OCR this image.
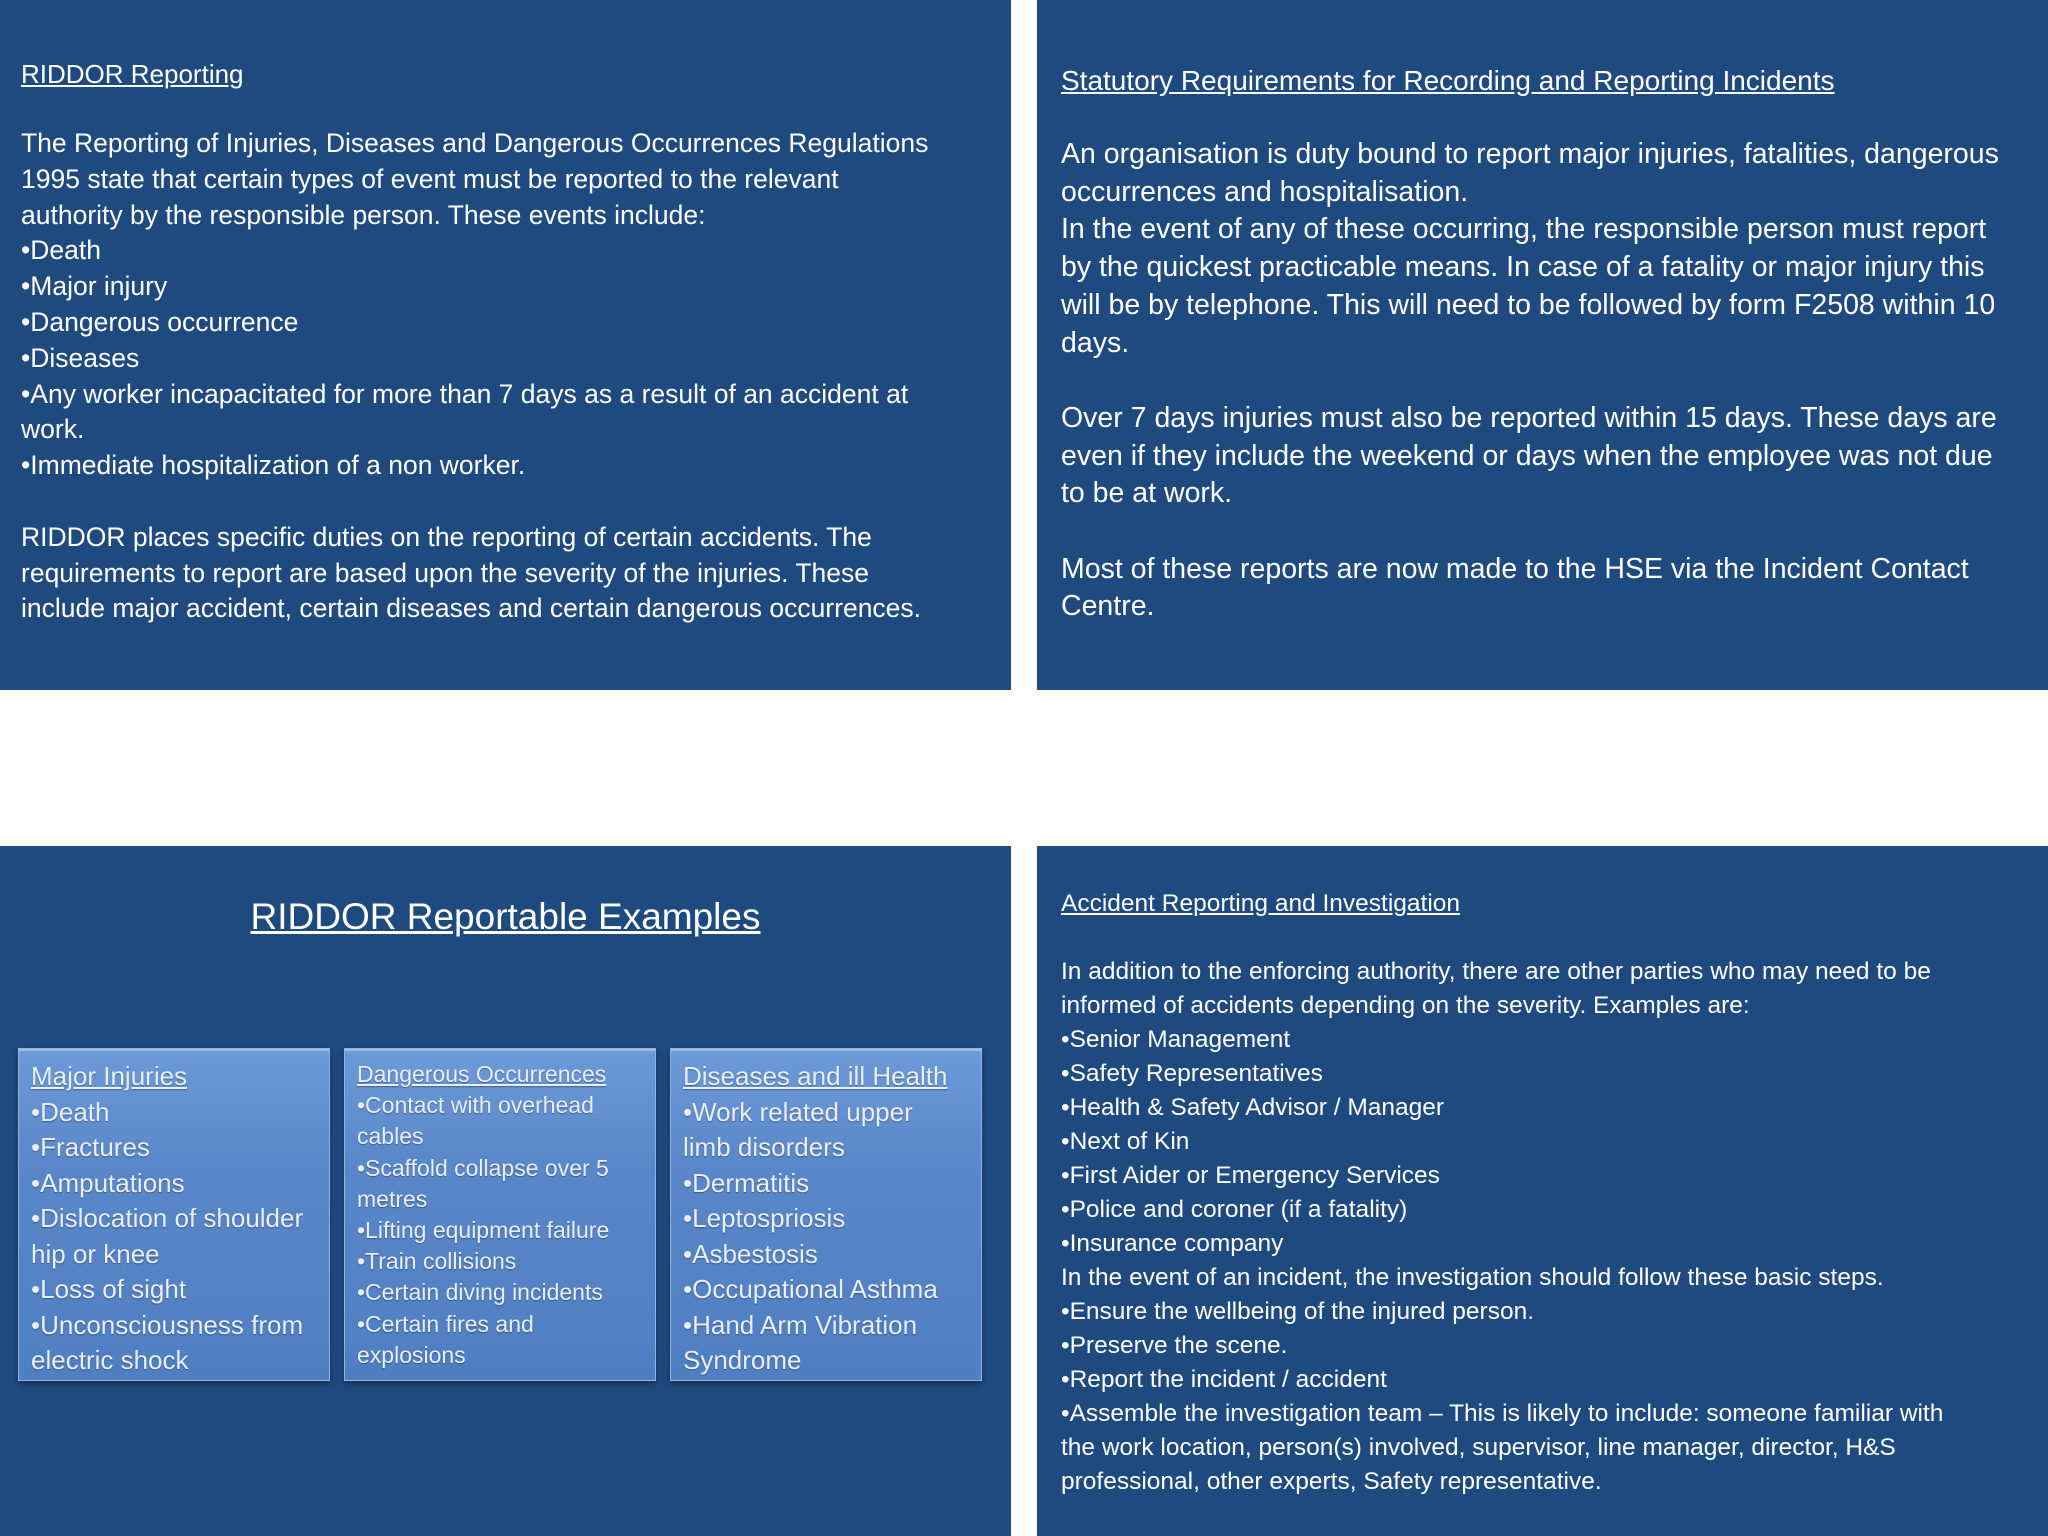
RIDDOR Reporting

The Reporting of Injuries, Diseases and Dangerous Occurrences Regulations

1995 state that certain types of event must be reported to the relevant

authority by the responsible person. These events include:

•Death

•Major injury

•Dangerous occurrence

•Diseases

•Any worker incapacitated for more than 7 days as a result of an accident at

work.

•Immediate hospitalization of a non worker.

RIDDOR places specific duties on the reporting of certain accidents. The

requirements to report are based upon the severity of the injuries. These

include major accident, certain diseases and certain dangerous occurrences.

Statutory Requirements for Recording and Reporting Incidents

An organisation is duty bound to report major injuries, fatalities, dangerous

occurrences and hospitalisation.

In the event of any of these occurring, the responsible person must report

by the quickest practicable means. In case of a fatality or major injury this

will be by telephone. This will need to be followed by form F2508 within 10

days.

Over 7 days injuries must also be reported within 15 days. These days are

even if they include the weekend or days when the employee was not due

to be at work.

Most of these reports are now made to the HSE via the Incident Contact

Centre.

RIDDOR Reportable Examples
Major Injuries
•Death
•Fractures
•Amputations
•Dislocation of shoulder
hip or knee
•Loss of sight
•Unconsciousness from
electric shock
Dangerous Occurrences
•Contact with overhead
cables
•Scaffold collapse over 5
metres
•Lifting equipment failure
•Train collisions
•Certain diving incidents
•Certain fires and
explosions
Diseases and ill Health
•Work related upper
limb disorders
•Dermatitis
•Leptospriosis
•Asbestosis
•Occupational Asthma
•Hand Arm Vibration
Syndrome
Accident Reporting and Investigation

In addition to the enforcing authority, there are other parties who may need to be

informed of accidents depending on the severity. Examples are:

•Senior Management

•Safety Representatives

•Health & Safety Advisor / Manager

•Next of Kin

•First Aider or Emergency Services

•Police and coroner (if a fatality)

•Insurance company

In the event of an incident, the investigation should follow these basic steps.

•Ensure the wellbeing of the injured person.

•Preserve the scene.

•Report the incident / accident

•Assemble the investigation team – This is likely to include: someone familiar with

the work location, person(s) involved, supervisor, line manager, director, H&S

professional, other experts, Safety representative.
